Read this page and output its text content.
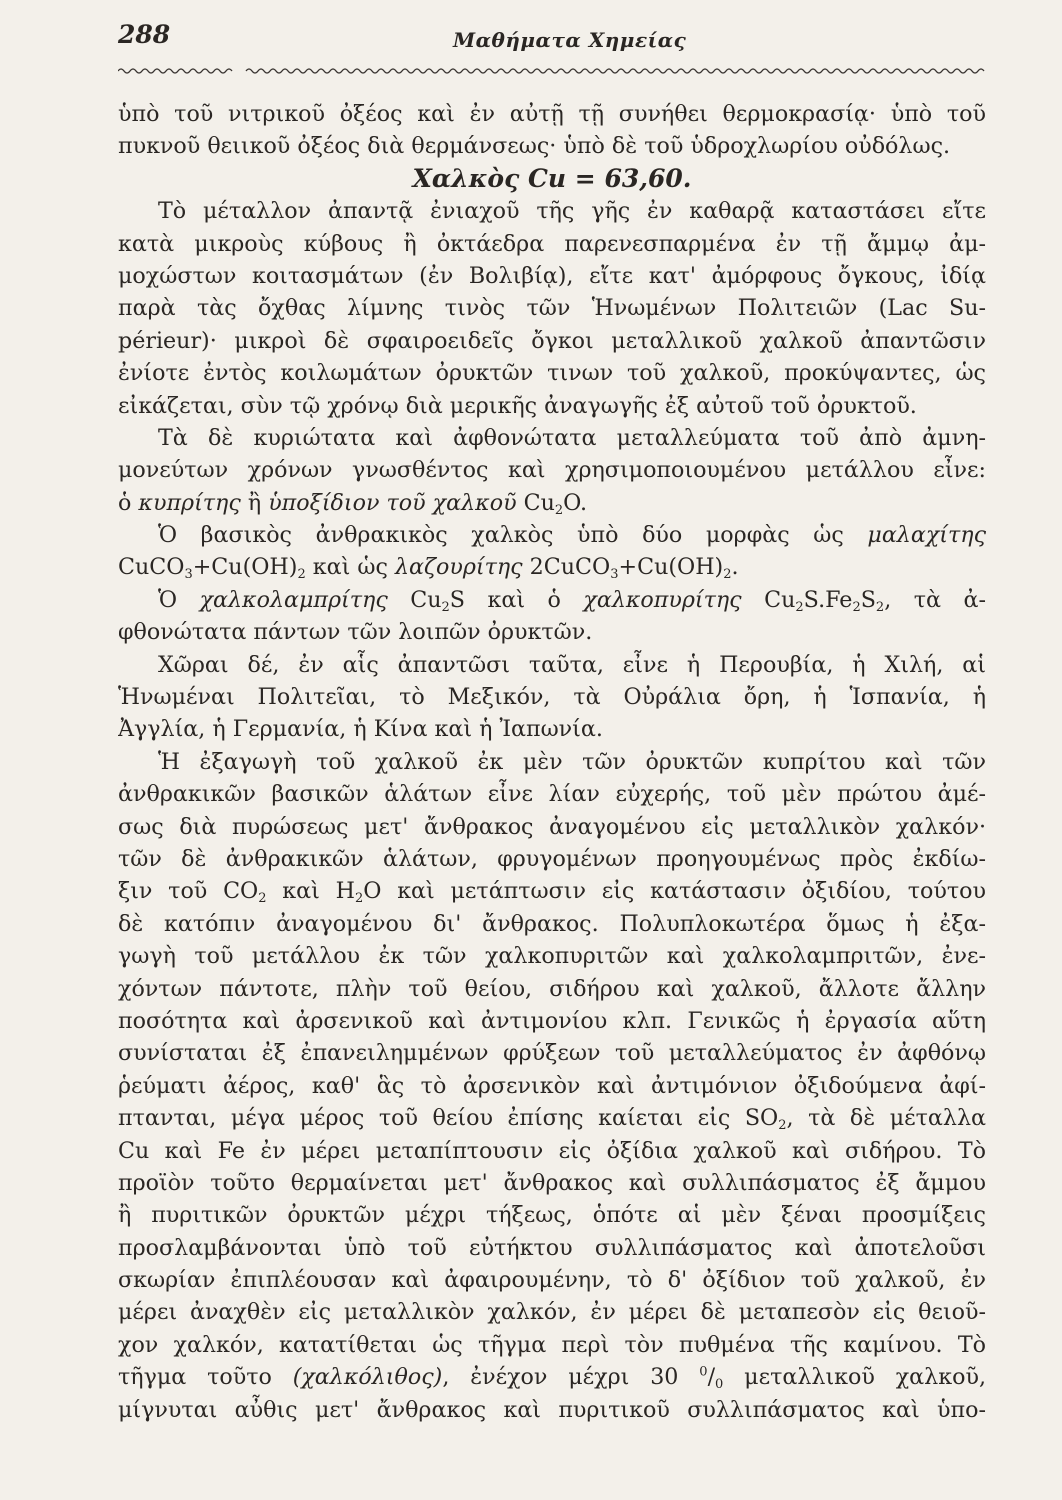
288	Μαθήματα Χημείας
ὑπὸ τοῦ νιτρικοῦ ὀξέος καὶ ἐν αὐτῇ τῇ συνήθει θερμοκρασίᾳ· ὑπὸ τοῦ
πυκνοῦ θειικοῦ ὀξέος διὰ θερμάνσεως· ὑπὸ δὲ τοῦ ὑδροχλωρίου οὐδόλως.
Χαλκὸς Cu = 63,60.
Τὸ μέταλλον ἀπαντᾷ ἐνιαχοῦ τῆς γῆς ἐν καθαρᾷ καταστάσει εἴτε
κατὰ μικροὺς κύβους ἢ ὀκτάεδρα παρενεσπαρμένα ἐν τῇ ἄμμῳ ἀμ-
μοχώστων κοιτασμάτων (ἐν Βολιβίᾳ), εἴτε κατ' ἀμόρφους ὄγκους, ἰδίᾳ
παρὰ τὰς ὄχθας λίμνης τινὸς τῶν Ἡνωμένων Πολιτειῶν (Lac Su-
périeur)· μικροὶ δὲ σφαιροειδεῖς ὄγκοι μεταλλικοῦ χαλκοῦ ἀπαντῶσιν
ἐνίοτε ἐντὸς κοιλωμάτων ὀρυκτῶν τινων τοῦ χαλκοῦ, προκύψαντες, ὡς
εἰκάζεται, σὺν τῷ χρόνῳ διὰ μερικῆς ἀναγωγῆς ἐξ αὐτοῦ τοῦ ὀρυκτοῦ.
Τὰ δὲ κυριώτατα καὶ ἀφθονώτατα μεταλλεύματα τοῦ ἀπὸ ἀμνη-
μονεύτων χρόνων γνωσθέντος καὶ χρησιμοποιουμένου μετάλλου εἶνε:
ὁ κυπρίτης ἢ ὑποξίδιον τοῦ χαλκοῦ $Cu_2O$.
Ὁ βασικὸς ἀνθρακικὸς χαλκὸς ὑπὸ δύο μορφὰς ὡς μαλαχίτης
$CuCO_3+Cu(OH)_2$ καὶ ὡς λαζουρίτης $2CuCO_3+Cu(OH)_2$.
Ὁ χαλκολαμπρίτης $Cu_2S$ καὶ ὁ χαλκοπυρίτης $Cu_2S.Fe_2S_2$, τὰ ἀ-
φθονώτατα πάντων τῶν λοιπῶν ὀρυκτῶν.
Χῶραι δέ, ἐν αἷς ἀπαντῶσι ταῦτα, εἶνε ἡ Περουβία, ἡ Χιλή, αἱ
Ἡνωμέναι Πολιτεῖαι, τὸ Μεξικόν, τὰ Οὐράλια ὄρη, ἡ Ἱσπανία, ἡ
Ἀγγλία, ἡ Γερμανία, ἡ Κίνα καὶ ἡ Ἰαπωνία.
Ἡ ἐξαγωγὴ τοῦ χαλκοῦ ἐκ μὲν τῶν ὀρυκτῶν κυπρίτου καὶ τῶν
ἀνθρακικῶν βασικῶν ἁλάτων εἶνε λίαν εὐχερής, τοῦ μὲν πρώτου ἀμέ-
σως διὰ πυρώσεως μετ' ἄνθρακος ἀναγομένου εἰς μεταλλικὸν χαλκόν·
τῶν δὲ ἀνθρακικῶν ἁλάτων, φρυγομένων προηγουμένως πρὸς ἐκδίω-
ξιν τοῦ $CO_2$ καὶ $H_2O$ καὶ μετάπτωσιν εἰς κατάστασιν ὀξιδίου, τούτου
δὲ κατόπιν ἀναγομένου δι' ἄνθρακος. Πολυπλοκωτέρα ὅμως ἡ ἐξα-
γωγὴ τοῦ μετάλλου ἐκ τῶν χαλκοπυριτῶν καὶ χαλκολαμπριτῶν, ἐνε-
χόντων πάντοτε, πλὴν τοῦ θείου, σιδήρου καὶ χαλκοῦ, ἄλλοτε ἄλλην
ποσότητα καὶ ἀρσενικοῦ καὶ ἀντιμονίου κλπ. Γενικῶς ἡ ἐργασία αὕτη
συνίσταται ἐξ ἐπανειλημμένων φρύξεων τοῦ μεταλλεύματος ἐν ἀφθόνῳ
ῥεύματι ἀέρος, καθ' ἃς τὸ ἀρσενικὸν καὶ ἀντιμόνιον ὀξιδούμενα ἀφί-
πτανται, μέγα μέρος τοῦ θείου ἐπίσης καίεται εἰς $SO_2$, τὰ δὲ μέταλλα
Cu καὶ Fe ἐν μέρει μεταπίπτουσιν εἰς ὀξίδια χαλκοῦ καὶ σιδήρου. Τὸ
προϊὸν τοῦτο θερμαίνεται μετ' ἄνθρακος καὶ συλλιπάσματος ἐξ ἄμμου
ἢ πυριτικῶν ὀρυκτῶν μέχρι τήξεως, ὁπότε αἱ μὲν ξέναι προσμίξεις
προσλαμβάνονται ὑπὸ τοῦ εὐτήκτου συλλιπάσματος καὶ ἀποτελοῦσι
σκωρίαν ἐπιπλέουσαν καὶ ἀφαιρουμένην, τὸ δ' ὀξίδιον τοῦ χαλκοῦ, ἐν
μέρει ἀναχθὲν εἰς μεταλλικὸν χαλκόν, ἐν μέρει δὲ μεταπεσὸν εἰς θειοῦ-
χον χαλκόν, κατατίθεται ὡς τῆγμα περὶ τὸν πυθμένα τῆς καμίνου. Τὸ
τῆγμα τοῦτο (χαλκόλιθος), ἐνέχον μέχρι 30 $^0/_0$ μεταλλικοῦ χαλκοῦ,
μίγνυται αὖθις μετ' ἄνθρακος καὶ πυριτικοῦ συλλιπάσματος καὶ ὑπο-
